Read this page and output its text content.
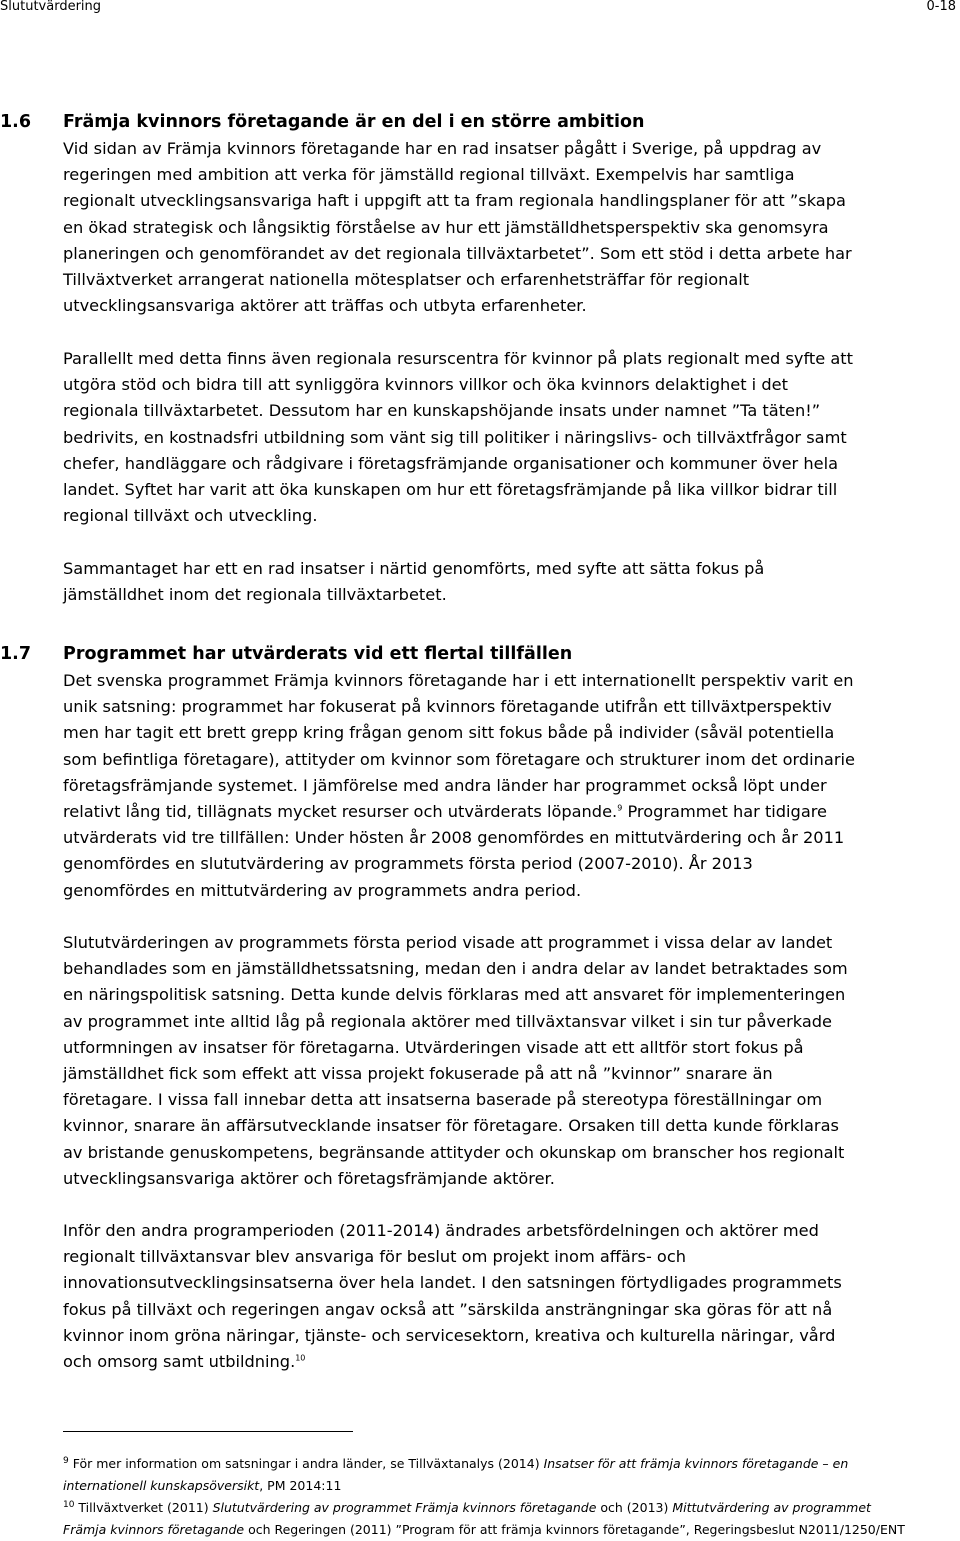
Slututvärdering	0-18
1.6	Främja kvinnors företagande är en del i en större ambition

Vid sidan av Främja kvinnors företagande har en rad insatser pågått i Sverige, på uppdrag av
regeringen med ambition att verka för jämställd regional tillväxt. Exempelvis har samtliga
regionalt utvecklingsansvariga haft i uppgift att ta fram regionala handlingsplaner för att ”skapa
en ökad strategisk och långsiktig förståelse av hur ett jämställdhetsperspektiv ska genomsyra
planeringen och genomförandet av det regionala tillväxtarbetet”. Som ett stöd i detta arbete har
Tillväxtverket arrangerat nationella mötesplatser och erfarenhetsträffar för regionalt
utvecklingsansvariga aktörer att träffas och utbyta erfarenheter.

Parallellt med detta finns även regionala resurscentra för kvinnor på plats regionalt med syfte att
utgöra stöd och bidra till att synliggöra kvinnors villkor och öka kvinnors delaktighet i det
regionala tillväxtarbetet. Dessutom har en kunskapshöjande insats under namnet ”Ta täten!”
bedrivits, en kostnadsfri utbildning som vänt sig till politiker i näringslivs- och tillväxtfrågor samt
chefer, handläggare och rådgivare i företagsfrämjande organisationer och kommuner över hela
landet. Syftet har varit att öka kunskapen om hur ett företagsfrämjande på lika villkor bidrar till
regional tillväxt och utveckling.

Sammantaget har ett en rad insatser i närtid genomförts, med syfte att sätta fokus på
jämställdhet inom det regionala tillväxtarbetet.

1.7	Programmet har utvärderats vid ett flertal tillfällen

Det svenska programmet Främja kvinnors företagande har i ett internationellt perspektiv varit en
unik satsning: programmet har fokuserat på kvinnors företagande utifrån ett tillväxtperspektiv
men har tagit ett brett grepp kring frågan genom sitt fokus både på individer (såväl potentiella
som befintliga företagare), attityder om kvinnor som företagare och strukturer inom det ordinarie
företagsfrämjande systemet. I jämförelse med andra länder har programmet också löpt under
relativt lång tid, tillägnats mycket resurser och utvärderats löpande.$^9$ Programmet har tidigare
utvärderats vid tre tillfällen: Under hösten år 2008 genomfördes en mittutvärdering och år 2011
genomfördes en slututvärdering av programmets första period (2007-2010). År 2013
genomfördes en mittutvärdering av programmets andra period.

Slututvärderingen av programmets första period visade att programmet i vissa delar av landet
behandlades som en jämställdhetssatsning, medan den i andra delar av landet betraktades som
en näringspolitisk satsning. Detta kunde delvis förklaras med att ansvaret för implementeringen
av programmet inte alltid låg på regionala aktörer med tillväxtansvar vilket i sin tur påverkade
utformningen av insatser för företagarna. Utvärderingen visade att ett alltför stort fokus på
jämställdhet fick som effekt att vissa projekt fokuserade på att nå ”kvinnor” snarare än
företagare. I vissa fall innebar detta att insatserna baserade på stereotypa föreställningar om
kvinnor, snarare än affärsutvecklande insatser för företagare. Orsaken till detta kunde förklaras
av bristande genuskompetens, begränsande attityder och okunskap om branscher hos regionalt
utvecklingsansvariga aktörer och företagsfrämjande aktörer.

Inför den andra programperioden (2011-2014) ändrades arbetsfördelningen och aktörer med
regionalt tillväxtansvar blev ansvariga för beslut om projekt inom affärs- och
innovationsutvecklingsinsatserna över hela landet. I den satsningen förtydligades programmets
fokus på tillväxt och regeringen angav också att ”särskilda ansträngningar ska göras för att nå
kvinnor inom gröna näringar, tjänste- och servicesektorn, kreativa och kulturella näringar, vård
och omsorg samt utbildning.$^{10}$

$^9$ För mer information om satsningar i andra länder, se Tillväxtanalys (2014) Insatser för att främja kvinnors företagande – en
internationell kunskapsöversikt, PM 2014:11
$^{10}$ Tillväxtverket (2011) Slututvärdering av programmet Främja kvinnors företagande och (2013) Mittutvärdering av programmet
Främja kvinnors företagande och Regeringen (2011) ”Program för att främja kvinnors företagande”, Regeringsbeslut N2011/1250/ENT
